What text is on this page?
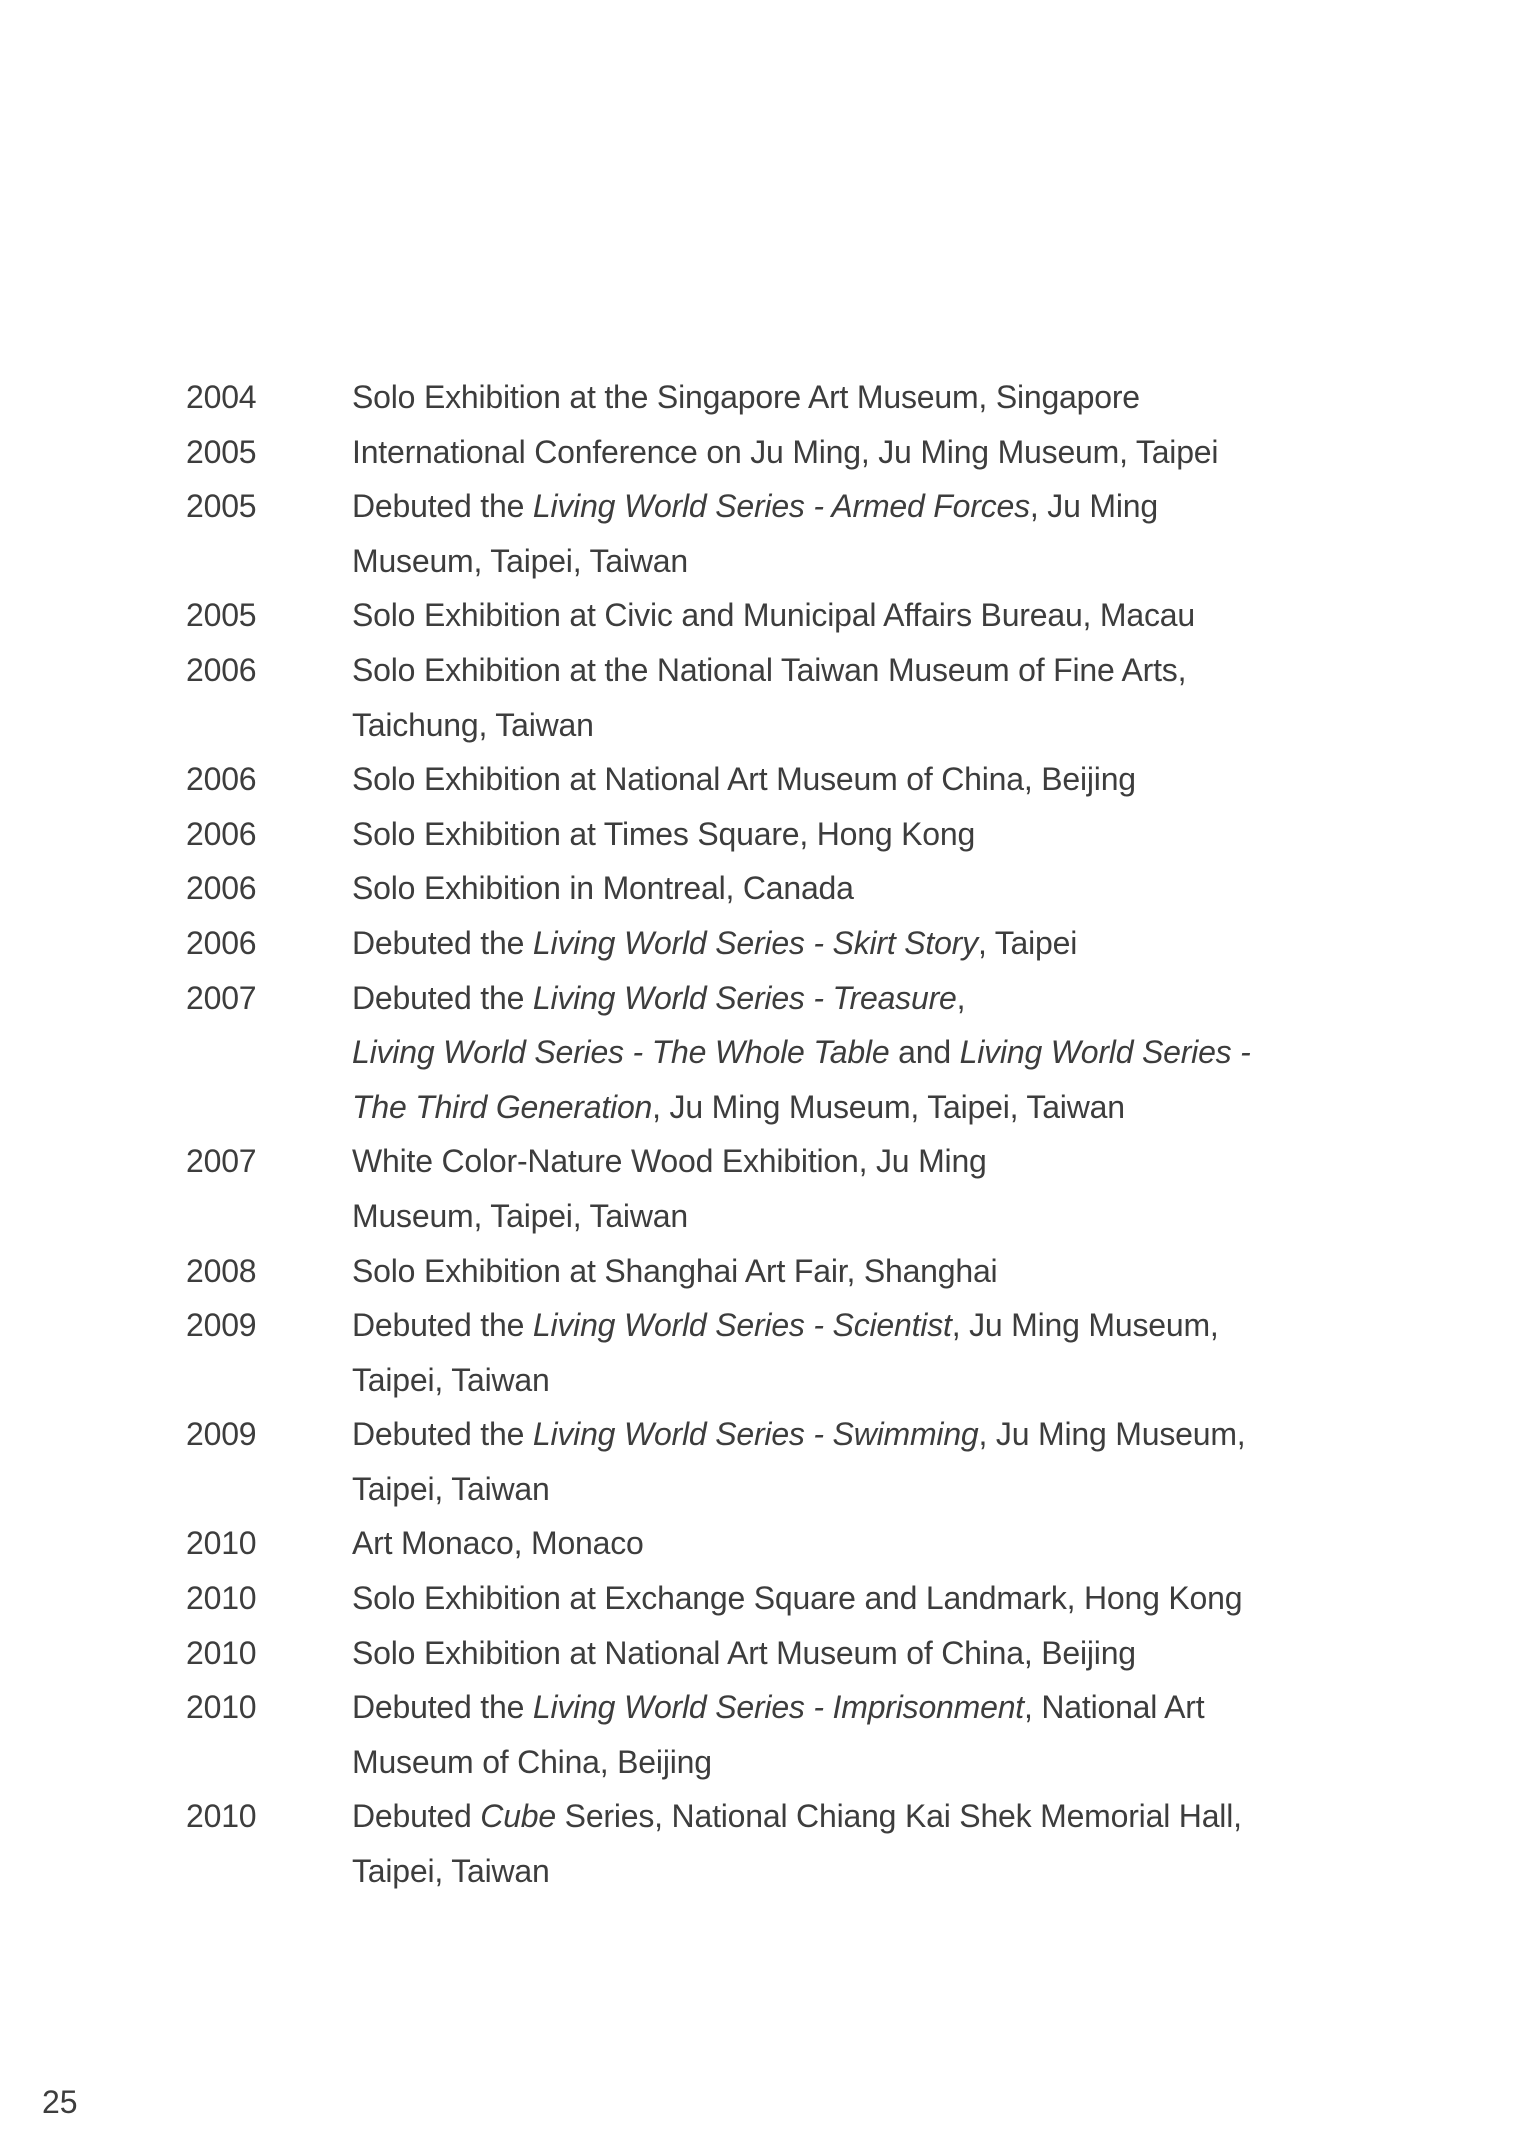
2004	Solo Exhibition at the Singapore Art Museum, Singapore
2005	International Conference on Ju Ming, Ju Ming Museum, Taipei
2005	Debuted the Living World Series - Armed Forces, Ju Ming
Museum, Taipei, Taiwan
2005	Solo Exhibition at Civic and Municipal Affairs Bureau, Macau
2006	Solo Exhibition at the National Taiwan Museum of Fine Arts,
Taichung, Taiwan
2006	Solo Exhibition at National Art Museum of China, Beijing
2006	Solo Exhibition at Times Square, Hong Kong
2006	Solo Exhibition in Montreal, Canada
2006	Debuted the Living World Series - Skirt Story, Taipei
2007	Debuted the Living World Series - Treasure,
Living World Series - The Whole Table and Living World Series -
The Third Generation, Ju Ming Museum, Taipei, Taiwan
2007	White Color-Nature Wood Exhibition, Ju Ming
Museum, Taipei, Taiwan
2008	Solo Exhibition at Shanghai Art Fair, Shanghai
2009	Debuted the Living World Series - Scientist, Ju Ming Museum,
Taipei, Taiwan
2009	Debuted the Living World Series - Swimming, Ju Ming Museum,
Taipei, Taiwan
2010	Art Monaco, Monaco
2010	Solo Exhibition at Exchange Square and Landmark, Hong Kong
2010	Solo Exhibition at National Art Museum of China, Beijing
2010	Debuted the Living World Series - Imprisonment, National Art
Museum of China, Beijing
2010	Debuted Cube Series, National Chiang Kai Shek Memorial Hall,
Taipei, Taiwan
25
